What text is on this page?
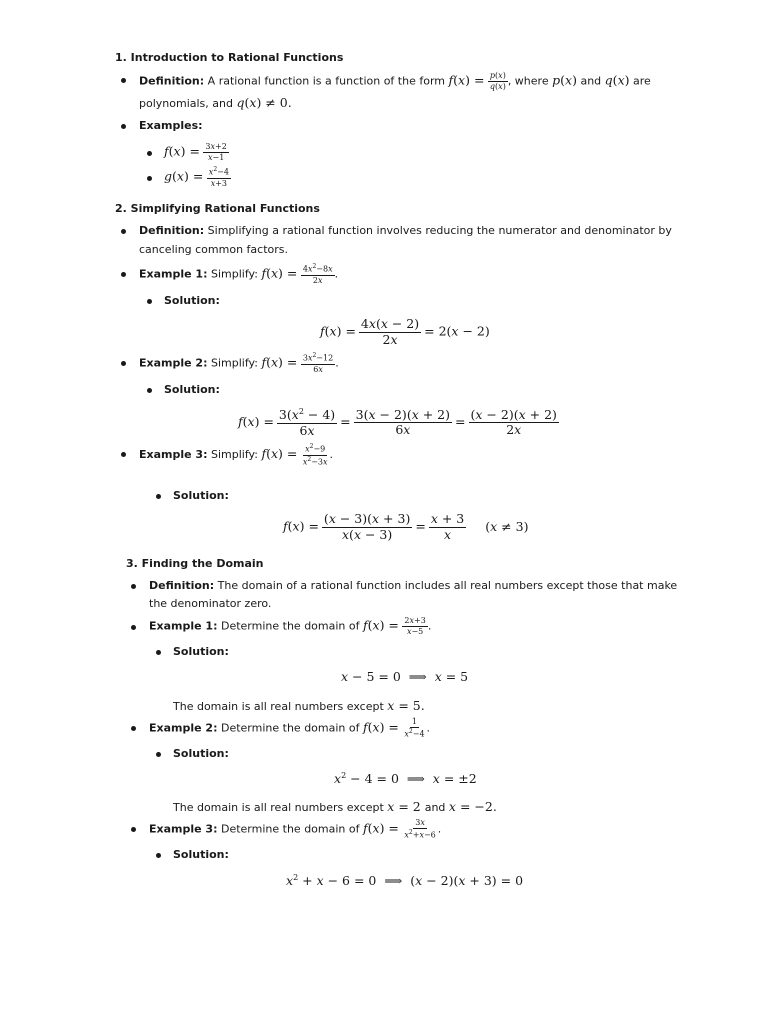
1. Introduction to Rational Functions
Definition: A rational function is a function of the form $f(x) = \frac{p(x)}{q(x)}$ , where p(x) and q(x) are
polynomials, and q(x) ≠ 0.
Examples:
$f(x) = \frac{3x+2}{x-1}$
$g(x) = \frac{x^2-4}{x+3}$
2. Simplifying Rational Functions
Definition: Simplifying a rational function involves reducing the numerator and denominator by
canceling common factors.
Example 1: Simplify: $f(x) = \frac{4x^2-8x}{2x}$ .
Solution:
$f(x) = \frac{4x(x - 2)}{2x} = 2(x - 2)$
Example 2: Simplify: $f(x) = \frac{3x^2-12}{6x}$ .
Solution:
$f(x) = \frac{3(x^2 - 4)}{6x} = \frac{3(x - 2)(x + 2)}{6x} = \frac{(x - 2)(x + 2)}{2x}$
Example 3: Simplify: $f(x) = \frac{x^2-9}{x^2-3x}$ .
Solution:
$f(x) = \frac{(x - 3)(x + 3)}{x(x - 3)} = \frac{x + 3}{x} (x \ne 3)$
3. Finding the Domain
Definition: The domain of a rational function includes all real numbers except those that make
the denominator zero.
Example 1: Determine the domain of $f(x) = \frac{2x+3}{x-5}$ .
Solution:
x − 5 = 0 ⟹ x = 5
The domain is all real numbers except x = 5.
Example 2: Determine the domain of $f(x) = \frac{1}{x^2-4}$ .
Solution:
$x^2 - 4 = 0$ ⟹ x = ±2
The domain is all real numbers except x = 2 and x = −2.
Example 3: Determine the domain of $f(x) = \frac{3x}{x^2+x-6}$ .
Solution:
$x^2 + x - 6 = 0$ ⟹ (x − 2)(x + 3) = 0
